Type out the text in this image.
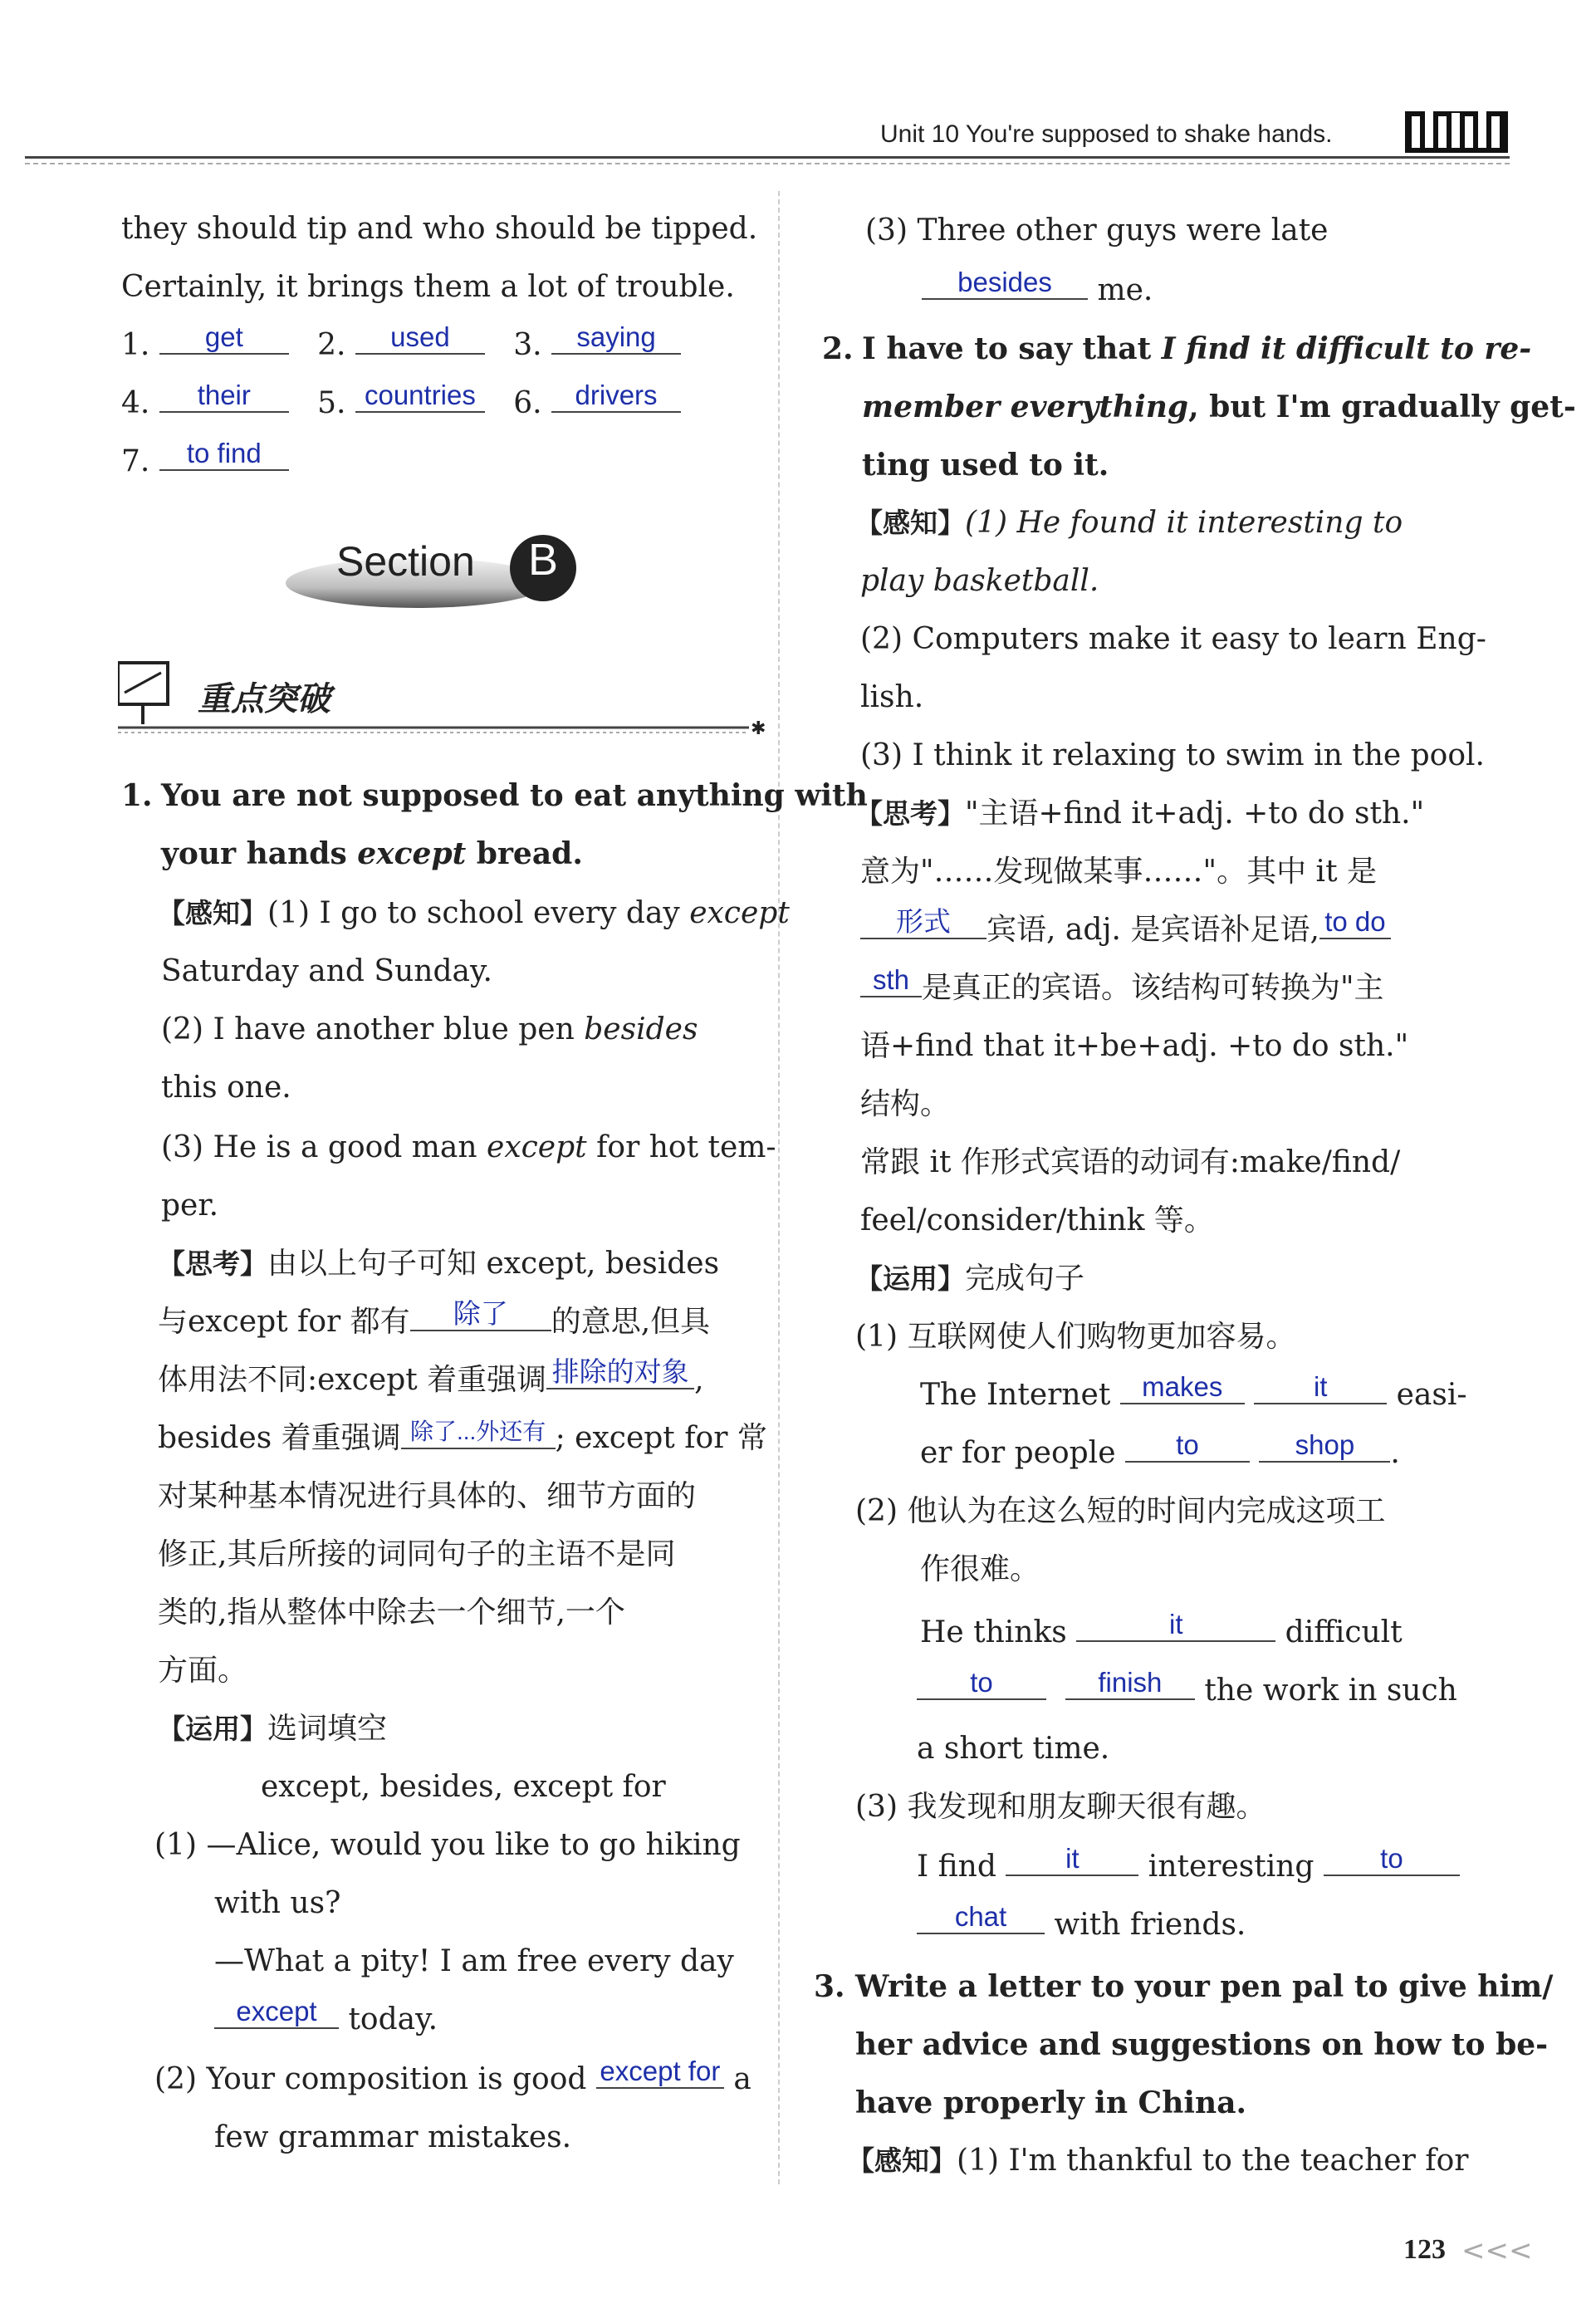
Unit 10 You're supposed to shake hands.
they should tip and who should be tipped.
Certainly, it brings them a lot of trouble.
1. get   2. used   3. saying
4. their   5. countries   6. drivers
7. to find
Section B
✱
重点突破
1. You are not supposed to eat anything with
your hands except bread.
【感知】(1) I go to school every day except
Saturday and Sunday.
(2) I have another blue pen besides
this one.
(3) He is a good man except for hot tem-
per.
【思考】由以上句子可知 except, besides
与except for 都有 除了 的意思,但具
体用法不同:except 着重强调 排除的对象 ,
besides 着重强调 除了...外还有 ; except for 常
对某种基本情况进行具体的、细节方面的
修正,其后所接的词同句子的主语不是同
类的,指从整体中除去一个细节,一个
方面。
【运用】选词填空
except, besides, except for
(1) —Alice, would you like to go hiking
with us?
—What a pity! I am free every day
except today.
(2) Your composition is good except for a
few grammar mistakes.
(3) Three other guys were late
besides me.
2. I have to say that I find it difficult to re-
member everything, but I'm gradually get-
ting used to it.
【感知】(1) He found it interesting to
play basketball.
(2) Computers make it easy to learn Eng-
lish.
(3) I think it relaxing to swim in the pool.
【思考】"主语+find it+adj. +to do sth."
意为"……发现做某事……"。其中 it 是
形式 宾语, adj. 是宾语补足语, to do
sth 是真正的宾语。该结构可转换为"主
语+find that it+be+adj. +to do sth."
结构。
常跟 it 作形式宾语的动词有:make/find/
feel/consider/think 等。
【运用】完成句子
(1) 互联网使人们购物更加容易。
The Internet makes	it easi-
er for people to	shop .
(2) 他认为在这么短的时间内完成这项工
作很难。
He thinks	it	difficult
to	finish the work in such
a short time.
(3) 我发现和朋友聊天很有趣。
I find it interesting to
chat with friends.
3. Write a letter to your pen pal to give him/
her advice and suggestions on how to be-
have properly in China.
【感知】(1) I'm thankful to the teacher for
123 <<<
